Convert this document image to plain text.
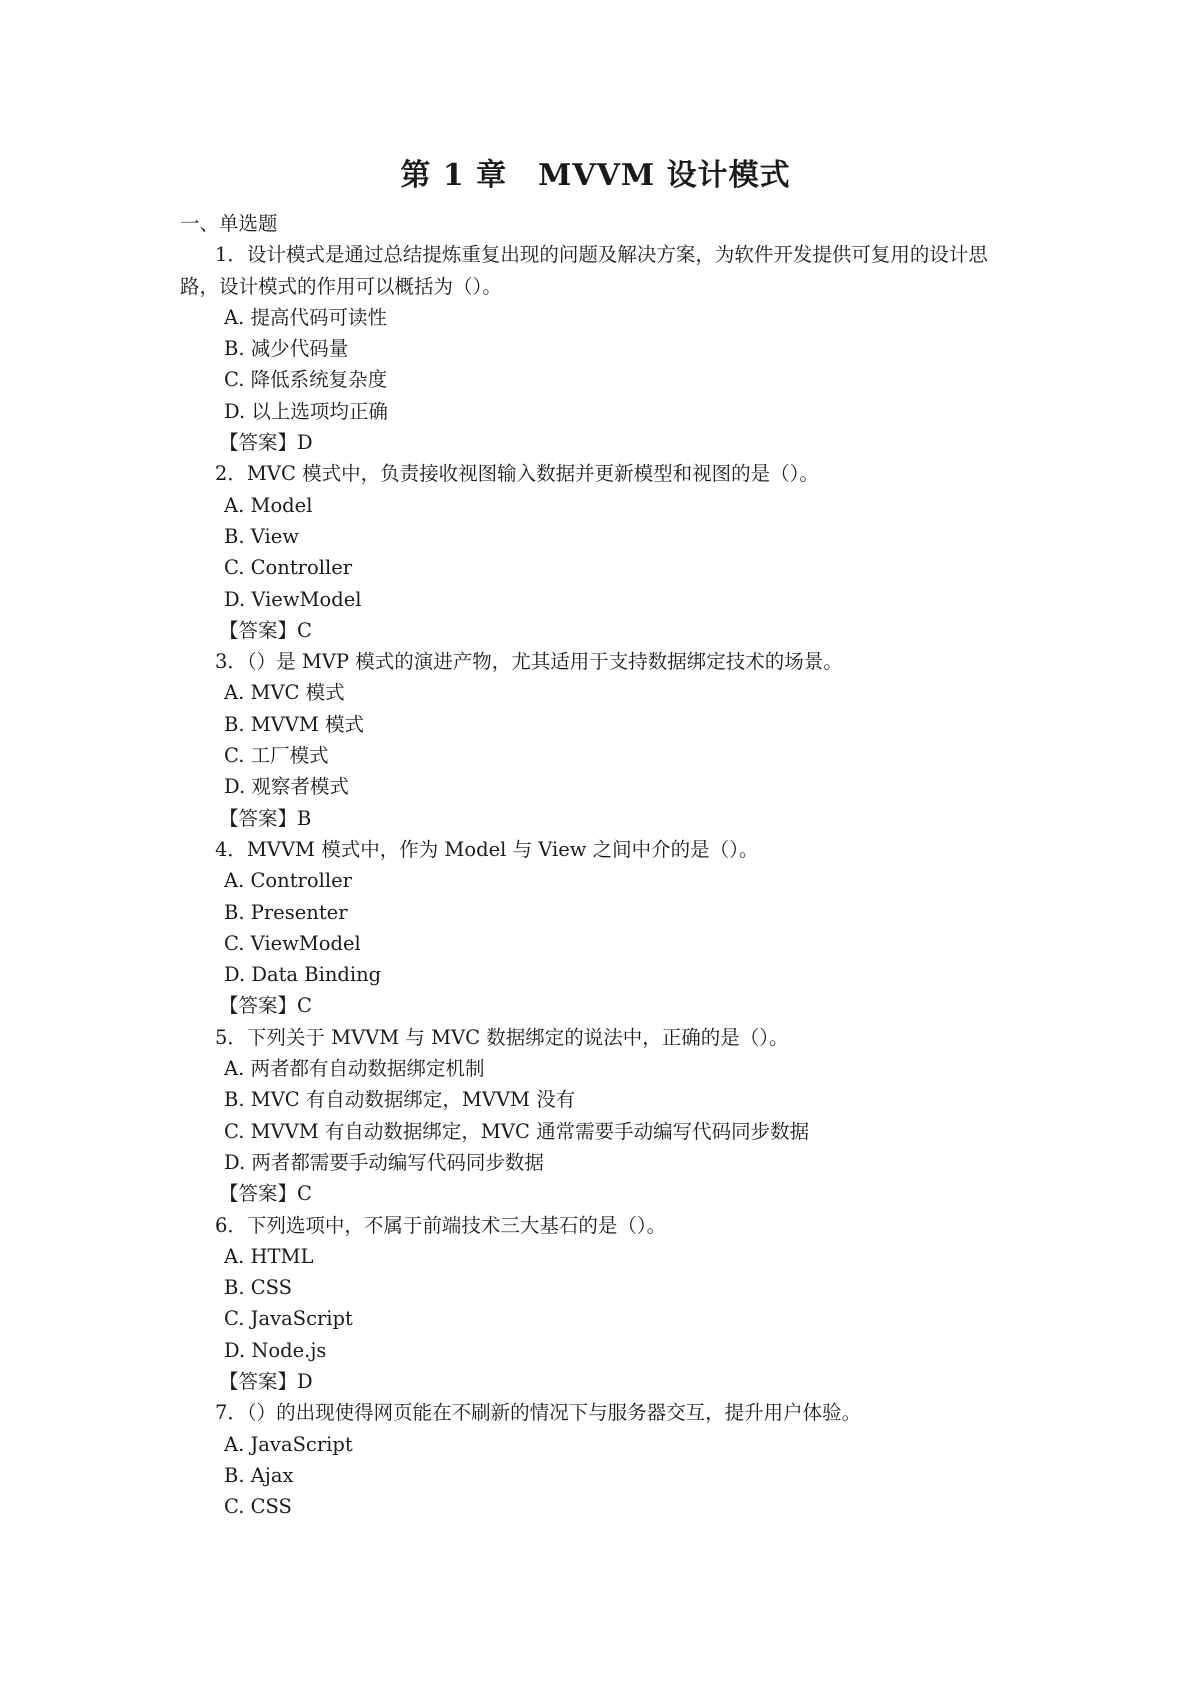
第 1 章　MVVM 设计模式
一、单选题
1．设计模式是通过总结提炼重复出现的问题及解决方案，为软件开发提供可复用的设计思路，设计模式的作用可以概括为（）。
A. 提高代码可读性
B. 减少代码量
C. 降低系统复杂度
D. 以上选项均正确
【答案】D
2．MVC 模式中，负责接收视图输入数据并更新模型和视图的是（）。
A. Model
B. View
C. Controller
D. ViewModel
【答案】C
3．（）是 MVP 模式的演进产物，尤其适用于支持数据绑定技术的场景。
A. MVC 模式
B. MVVM 模式
C. 工厂模式
D. 观察者模式
【答案】B
4．MVVM 模式中，作为 Model 与 View 之间中介的是（）。
A. Controller
B. Presenter
C. ViewModel
D. Data Binding
【答案】C
5．下列关于 MVVM 与 MVC 数据绑定的说法中，正确的是（）。
A. 两者都有自动数据绑定机制
B. MVC 有自动数据绑定，MVVM 没有
C. MVVM 有自动数据绑定，MVC 通常需要手动编写代码同步数据
D. 两者都需要手动编写代码同步数据
【答案】C
6．下列选项中，不属于前端技术三大基石的是（）。
A. HTML
B. CSS
C. JavaScript
D. Node.js
【答案】D
7．（）的出现使得网页能在不刷新的情况下与服务器交互，提升用户体验。
A. JavaScript
B. Ajax
C. CSS
